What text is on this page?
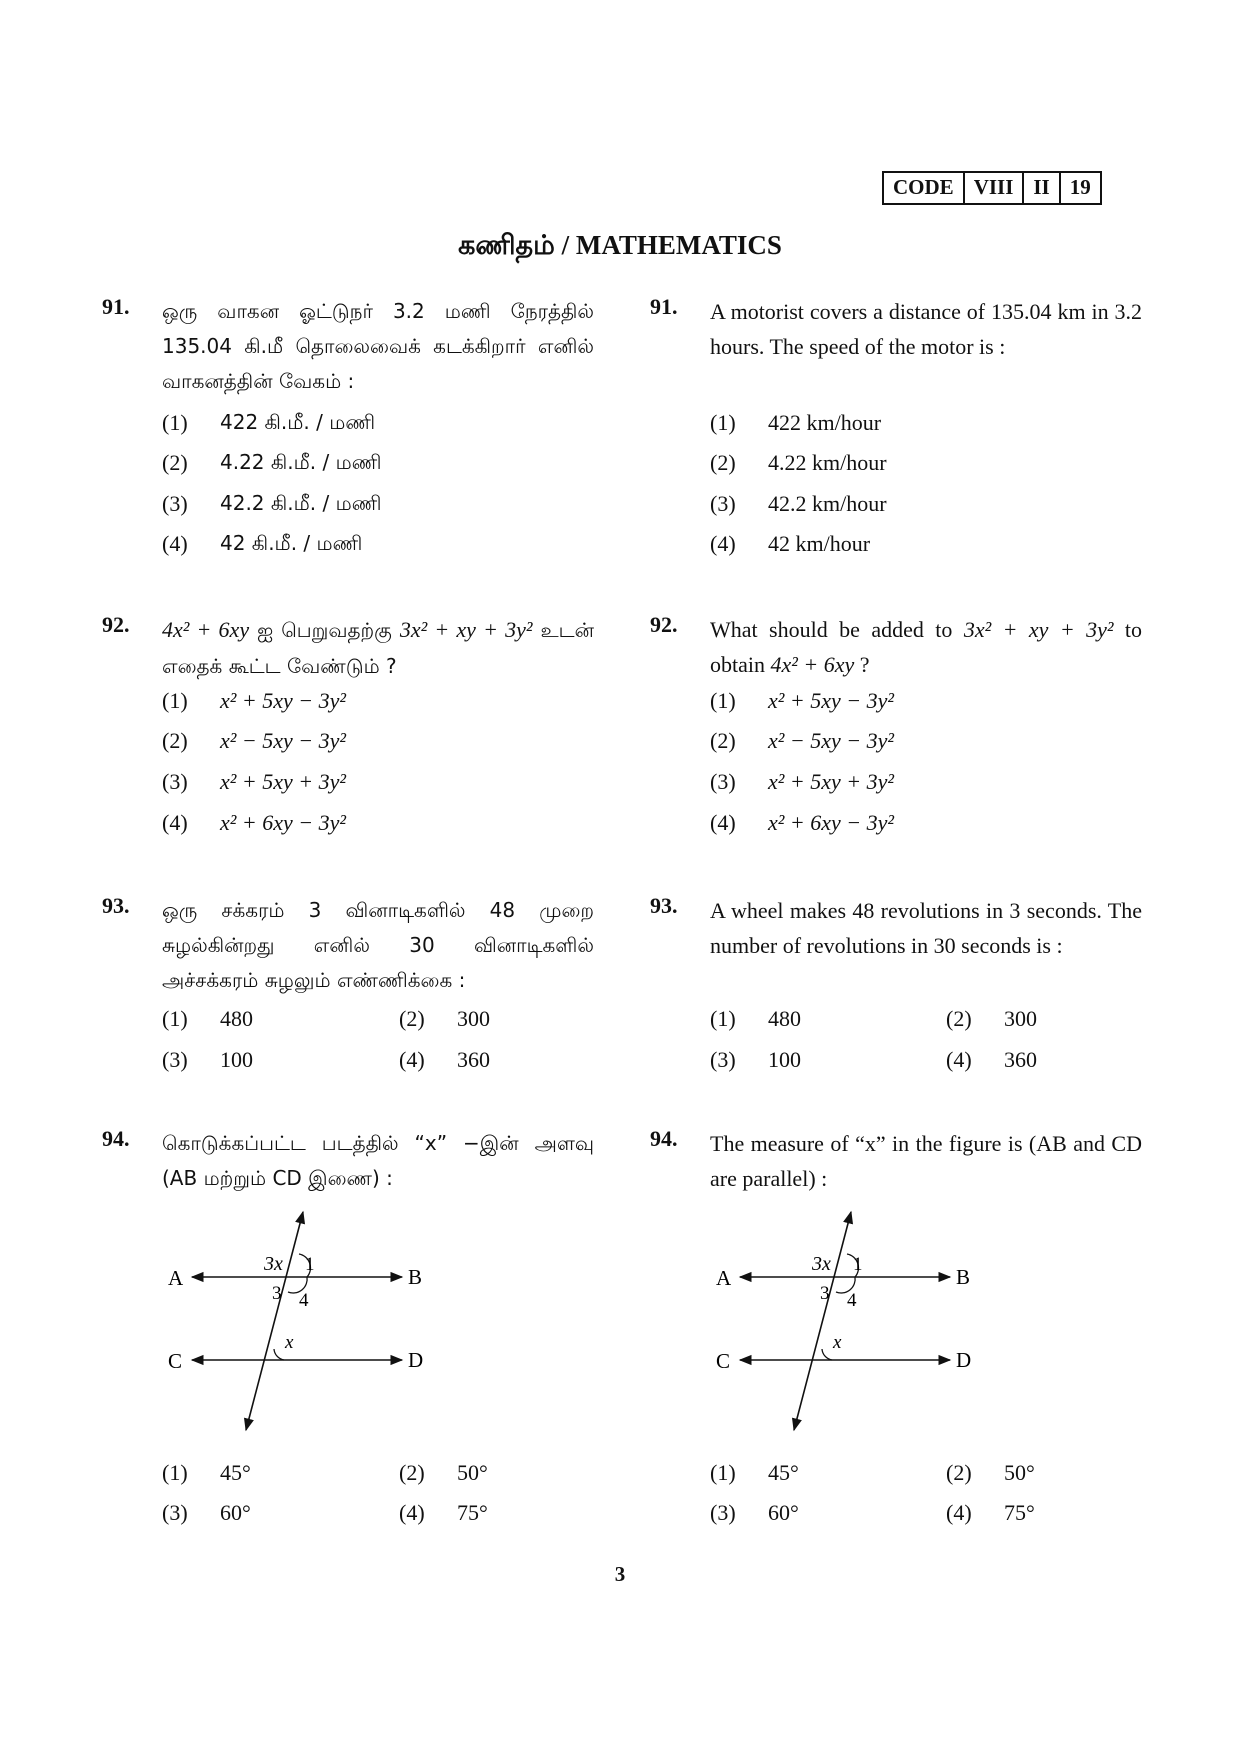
CODE VIII II 19
கணிதம் / MATHEMATICS
91. ஒரு வாகன ஓட்டுநர் 3.2 மணி நேரத்தில் 135.04 கி.மீ தொலைவைக் கடக்கிறார் எனில் வாகனத்தின் வேகம் :
91. A motorist covers a distance of 135.04 km in 3.2 hours. The speed of the motor is :
(1) 422 கி.மீ. / மணி
(2) 4.22 கி.மீ. / மணி
(3) 42.2 கி.மீ. / மணி
(4) 42 கி.மீ. / மணி
(1) 422 km/hour
(2) 4.22 km/hour
(3) 42.2 km/hour
(4) 42 km/hour
92. 4x² + 6xy ஐ பெறுவதற்கு 3x² + xy + 3y² உடன் எதைக் கூட்ட வேண்டும் ?
92. What should be added to 3x² + xy + 3y² to obtain 4x² + 6xy ?
(1) x² + 5xy − 3y²
(2) x² − 5xy − 3y²
(3) x² + 5xy + 3y²
(4) x² + 6xy − 3y²
(1) x² + 5xy − 3y²
(2) x² − 5xy − 3y²
(3) x² + 5xy + 3y²
(4) x² + 6xy − 3y²
93. ஒரு சக்கரம் 3 வினாடிகளில் 48 முறை சுழல்கின்றது எனில் 30 வினாடிகளில் அச்சக்கரம் சுழலும் எண்ணிக்கை :
93. A wheel makes 48 revolutions in 3 seconds. The number of revolutions in 30 seconds is :
(1) 480	(2) 300
(3) 100	(4) 360
(1) 480	(2) 300
(3) 100	(4) 360
94. கொடுக்கப்பட்ட படத்தில் “x” −இன் அளவு (AB மற்றும் CD இணை) :
94. The measure of “x” in the figure is (AB and CD are parallel) :
A	B
C	D
3x 1
3 4
x
A	B
C	D
3x 1
3 4
x
(1) 45°	(2) 50°
(3) 60°	(4) 75°
(1) 45°	(2) 50°
(3) 60°	(4) 75°
3
